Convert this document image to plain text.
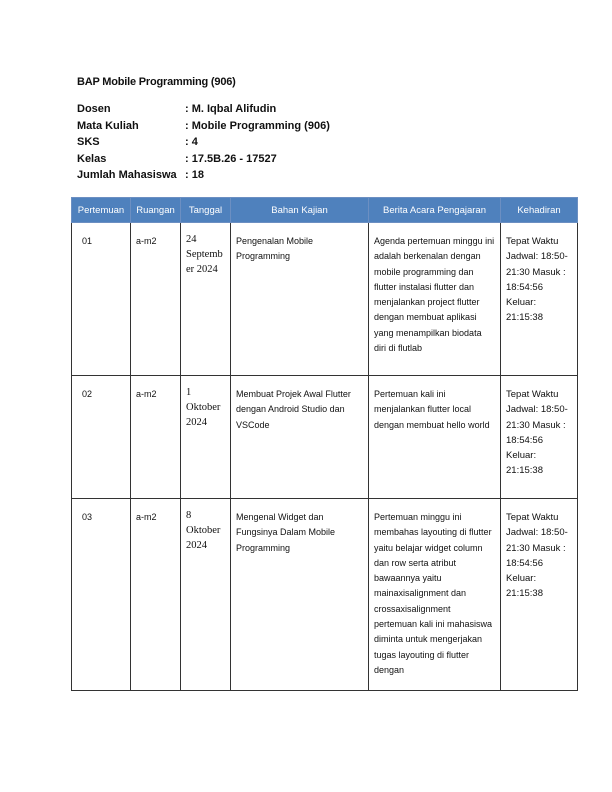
BAP Mobile Programming (906)
Dosen	: M. Iqbal Alifudin
Mata Kuliah	: Mobile Programming (906)
SKS	: 4
Kelas	: 17.5B.26 - 17527
Jumlah Mahasiswa : 18
Pertemuan	Ruangan	Tanggal	Bahan Kajian	Berita Acara Pengajaran	Kehadiran
01	a-m2	24 September 2024	Pengenalan Mobile Programming	Agenda pertemuan minggu ini adalah berkenalan dengan mobile programming dan flutter instalasi flutter dan menjalankan project flutter dengan membuat aplikasi yang menampilkan biodata diri di flutlab	Tepat Waktu Jadwal: 18:50-21:30 Masuk : 18:54:56 Keluar: 21:15:38
02	a-m2	1 Oktober 2024	Membuat Projek Awal Flutter dengan Android Studio dan VSCode	Pertemuan kali ini menjalankan flutter local dengan membuat hello world	Tepat Waktu Jadwal: 18:50-21:30 Masuk : 18:54:56 Keluar: 21:15:38
03	a-m2	8 Oktober 2024	Mengenal Widget dan Fungsinya Dalam Mobile Programming	Pertemuan minggu ini membahas layouting di flutter yaitu belajar widget column dan row serta atribut bawaannya yaitu mainaxisalignment dan crossaxisalignment pertemuan kali ini mahasiswa diminta untuk mengerjakan tugas layouting di flutter dengan	Tepat Waktu Jadwal: 18:50-21:30 Masuk : 18:54:56 Keluar: 21:15:38
